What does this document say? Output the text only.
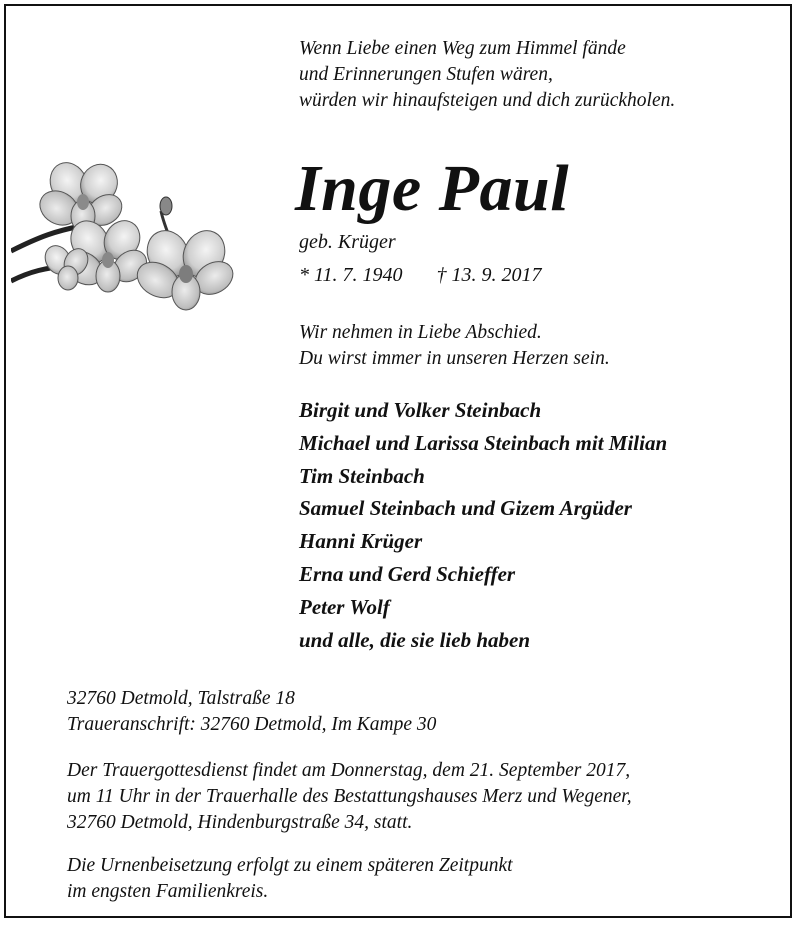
Wenn Liebe einen Weg zum Himmel fände
und Erinnerungen Stufen wären,
würden wir hinaufsteigen und dich zurückholen.
Inge Paul
geb. Krüger
* 11. 7. 1940 † 13. 9. 2017
Wir nehmen in Liebe Abschied.
Du wirst immer in unseren Herzen sein.
Birgit und Volker Steinbach
Michael und Larissa Steinbach mit Milian
Tim Steinbach
Samuel Steinbach und Gizem Argüder
Hanni Krüger
Erna und Gerd Schieffer
Peter Wolf
und alle, die sie lieb haben
32760 Detmold, Talstraße 18
Traueranschrift: 32760 Detmold, Im Kampe 30
Der Trauergottesdienst findet am Donnerstag, dem 21. September 2017,
um 11 Uhr in der Trauerhalle des Bestattungshauses Merz und Wegener,
32760 Detmold, Hindenburgstraße 34, statt.
Die Urnenbeisetzung erfolgt zu einem späteren Zeitpunkt
im engsten Familienkreis.
